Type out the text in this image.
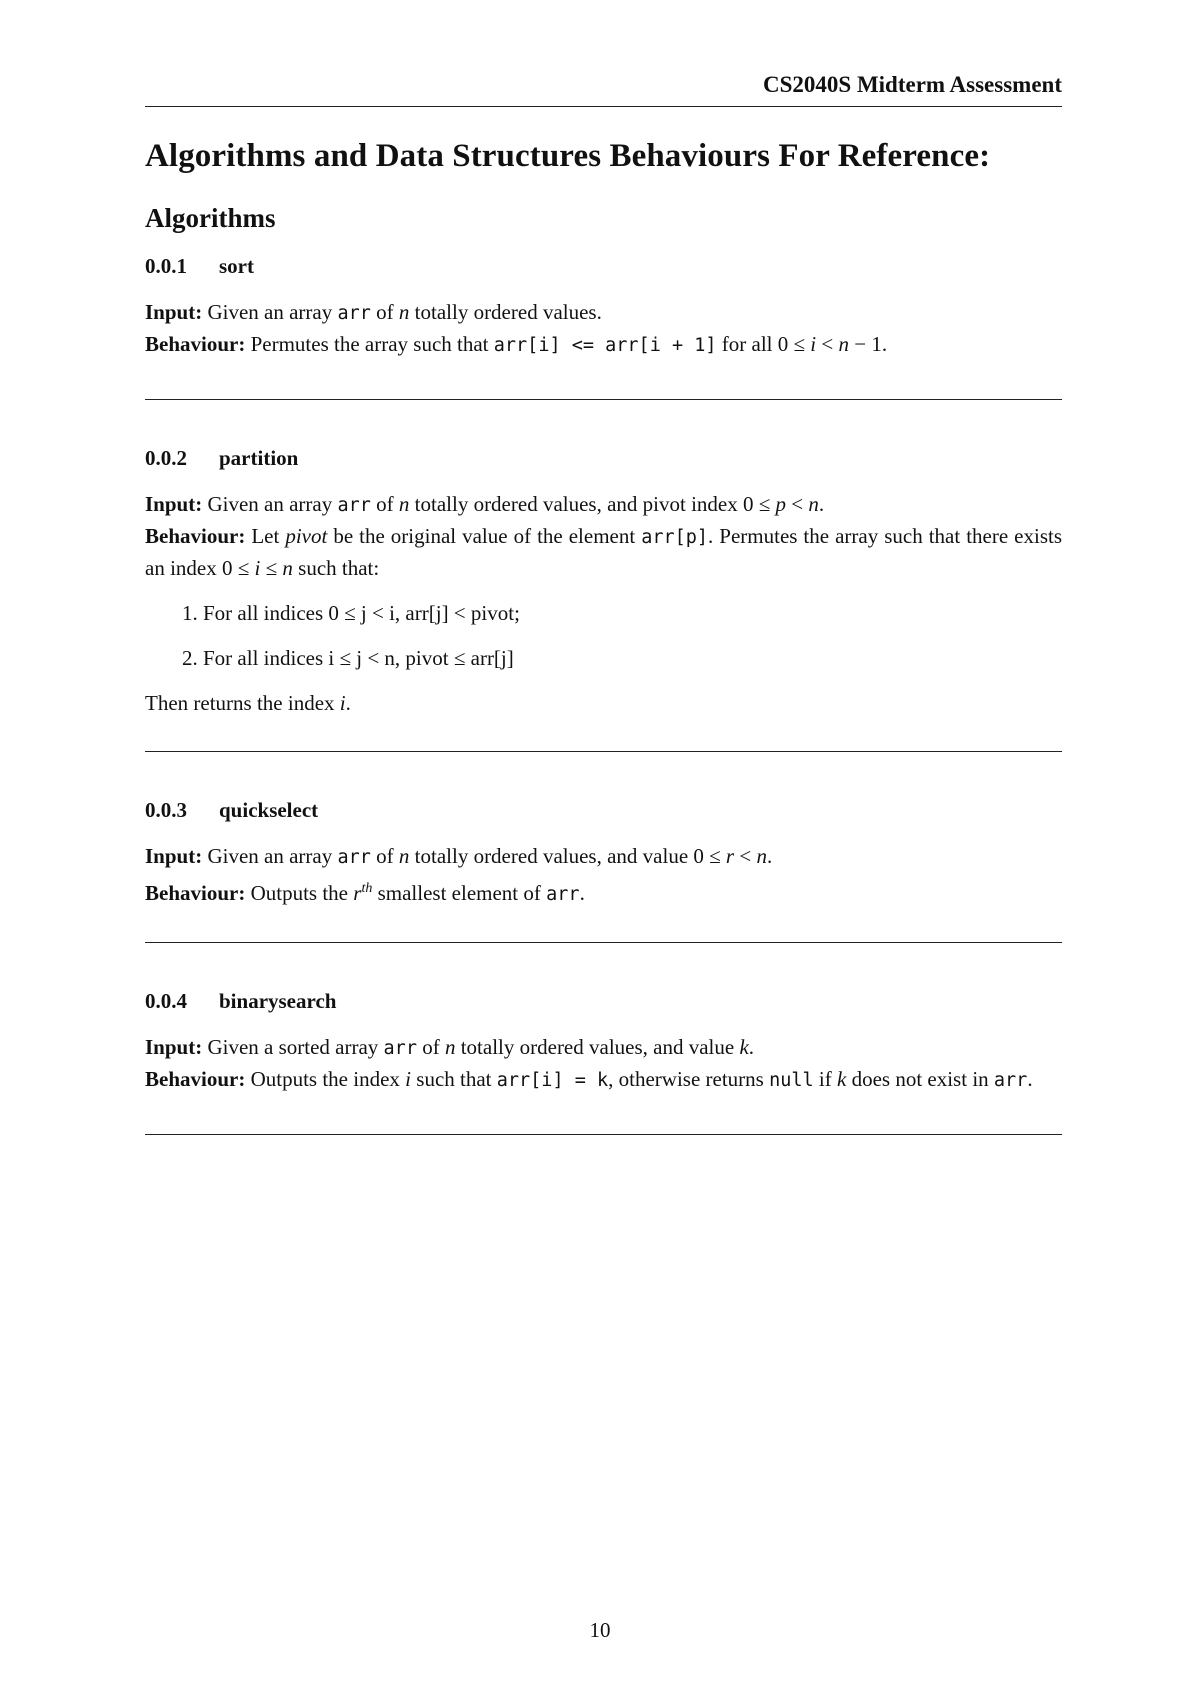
CS2040S Midterm Assessment
Algorithms and Data Structures Behaviours For Reference:
Algorithms
0.0.1 sort

Input: Given an array arr of n totally ordered values.

Behaviour: Permutes the array such that arr[i] <= arr[i + 1] for all 0 ≤ i < n − 1.

0.0.2 partition

Input: Given an array arr of n totally ordered values, and pivot index 0 ≤ p < n.

Behaviour: Let pivot be the original value of the element arr[p]. Permutes the array such that there exists an index 0 ≤ i ≤ n such that:

1. For all indices 0 ≤ j < i, arr[j] < pivot;
2. For all indices i ≤ j < n, pivot ≤ arr[j]

Then returns the index i.

0.0.3 quickselect

Input: Given an array arr of n totally ordered values, and value 0 ≤ r < n.

Behaviour: Outputs the $r^{th}$ smallest element of arr.

0.0.4 binarysearch

Input: Given a sorted array arr of n totally ordered values, and value k.

Behaviour: Outputs the index i such that arr[i] = k, otherwise returns null if k does not exist in arr.

10
